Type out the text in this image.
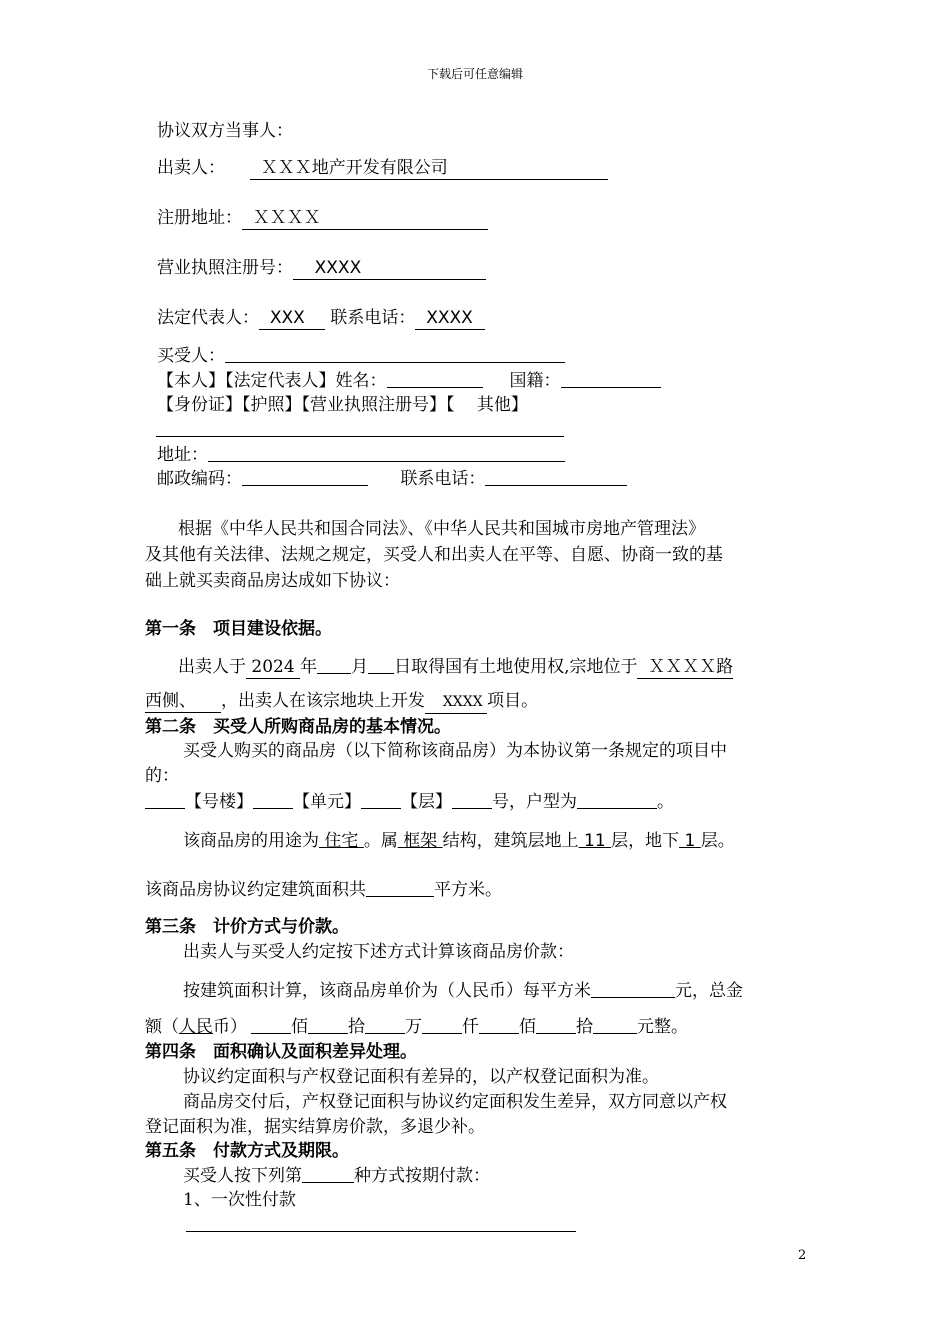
下载后可任意编辑
协议双方当事人：
出卖人：	ＸＸＸ地产开发有限公司
注册地址： ＸＸＸＸ
营业执照注册号： XXXX
法定代表人： XXX 联系电话： XXXX
买受人：
【本人】【法定代表人】姓名：	国籍：
【身份证】【护照】【营业执照注册号】【　 其他】
地址：
邮政编码：	联系电话：
根据《中华人民共和国合同法》、《中华人民共和国城市房地产管理法》
及其他有关法律、法规之规定，买受人和出卖人在平等、自愿、协商一致的基
础上就买卖商品房达成如下协议：
第一条　项目建设依据。
出卖人于 2024 年 月 日取得国有土地使用权,宗地位于 ＸＸＸＸ路
西侧、 ，出卖人在该宗地块上开发 XXXX 项目。
第二条　买受人所购商品房的基本情况。
买受人购买的商品房（以下简称该商品房）为本协议第一条规定的项目中
的：
【号楼】 【单元】 【层】 号，户型为	。
该商品房的用途为 住宅 。属 框架 结构，建筑层地上 11 层，地下 1 层。
该商品房协议约定建筑面积共	平方米。
第三条　计价方式与价款。
出卖人与买受人约定按下述方式计算该商品房价款：
按建筑面积计算，该商品房单价为（人民币）每平方米	元，总金
额（人民币）	佰 拾 万 仟 佰 拾	元整。
第四条　面积确认及面积差异处理。
协议约定面积与产权登记面积有差异的，以产权登记面积为准。
商品房交付后，产权登记面积与协议约定面积发生差异，双方同意以产权
登记面积为准，据实结算房价款，多退少补。
第五条　付款方式及期限。
买受人按下列第	种方式按期付款：
1、一次性付款
2
